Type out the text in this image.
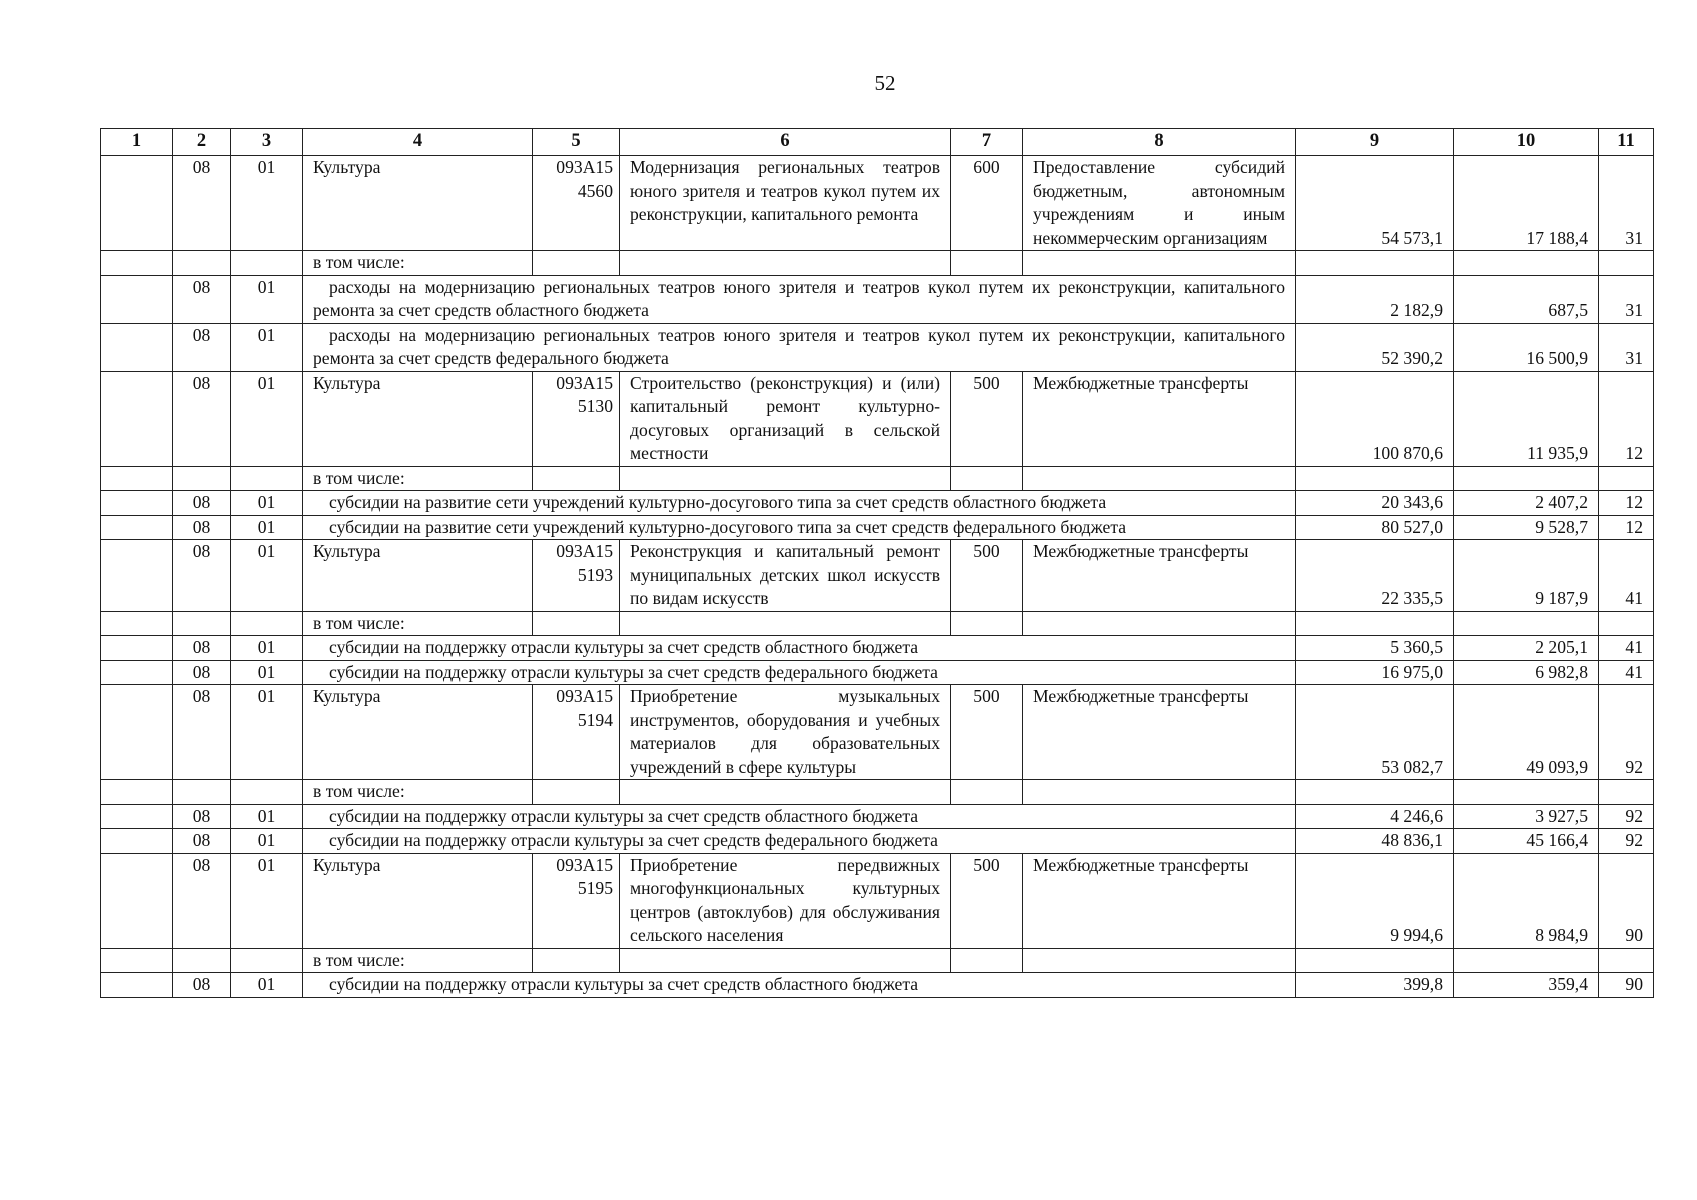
52
1	2	3	4	5	6	7	8	9	10	11
	08	01	Культура	093А15 4560	Модернизация региональных театров юного зрителя и театров кукол путем их реконструкции, капитального ремонта	600	Предоставление субсидий бюджетным, автономным учреждениям и иным некоммерческим организациям	54 573,1	17 188,4	31
			в том числе:							
	08	01	расходы на модернизацию региональных театров юного зрителя и театров кукол путем их реконструкции, капитального ремонта за счет средств областного бюджета					2 182,9	687,5	31
	08	01	расходы на модернизацию региональных театров юного зрителя и театров кукол путем их реконструкции, капитального ремонта за счет средств федерального бюджета					52 390,2	16 500,9	31
	08	01	Культура	093А15 5130	Строительство (реконструкция) и (или) капитальный ремонт культурно-досуговых организаций в сельской местности	500	Межбюджетные трансферты	100 870,6	11 935,9	12
			в том числе:							
	08	01	субсидии на развитие сети учреждений культурно-досугового типа за счет средств областного бюджета					20 343,6	2 407,2	12
	08	01	субсидии на развитие сети учреждений культурно-досугового типа за счет средств федерального бюджета					80 527,0	9 528,7	12
	08	01	Культура	093А15 5193	Реконструкция и капитальный ремонт муниципальных детских школ искусств по видам искусств	500	Межбюджетные трансферты	22 335,5	9 187,9	41
			в том числе:							
	08	01	субсидии на поддержку отрасли культуры за счет средств областного бюджета					5 360,5	2 205,1	41
	08	01	субсидии на поддержку отрасли культуры за счет средств федерального бюджета					16 975,0	6 982,8	41
	08	01	Культура	093А15 5194	Приобретение музыкальных инструментов, оборудования и учебных материалов для образовательных учреждений в сфере культуры	500	Межбюджетные трансферты	53 082,7	49 093,9	92
			в том числе:							
	08	01	субсидии на поддержку отрасли культуры за счет средств областного бюджета					4 246,6	3 927,5	92
	08	01	субсидии на поддержку отрасли культуры за счет средств федерального бюджета					48 836,1	45 166,4	92
	08	01	Культура	093А15 5195	Приобретение передвижных многофункциональных культурных центров (автоклубов) для обслуживания сельского населения	500	Межбюджетные трансферты	9 994,6	8 984,9	90
			в том числе:							
	08	01	субсидии на поддержку отрасли культуры за счет средств областного бюджета					399,8	359,4	90
